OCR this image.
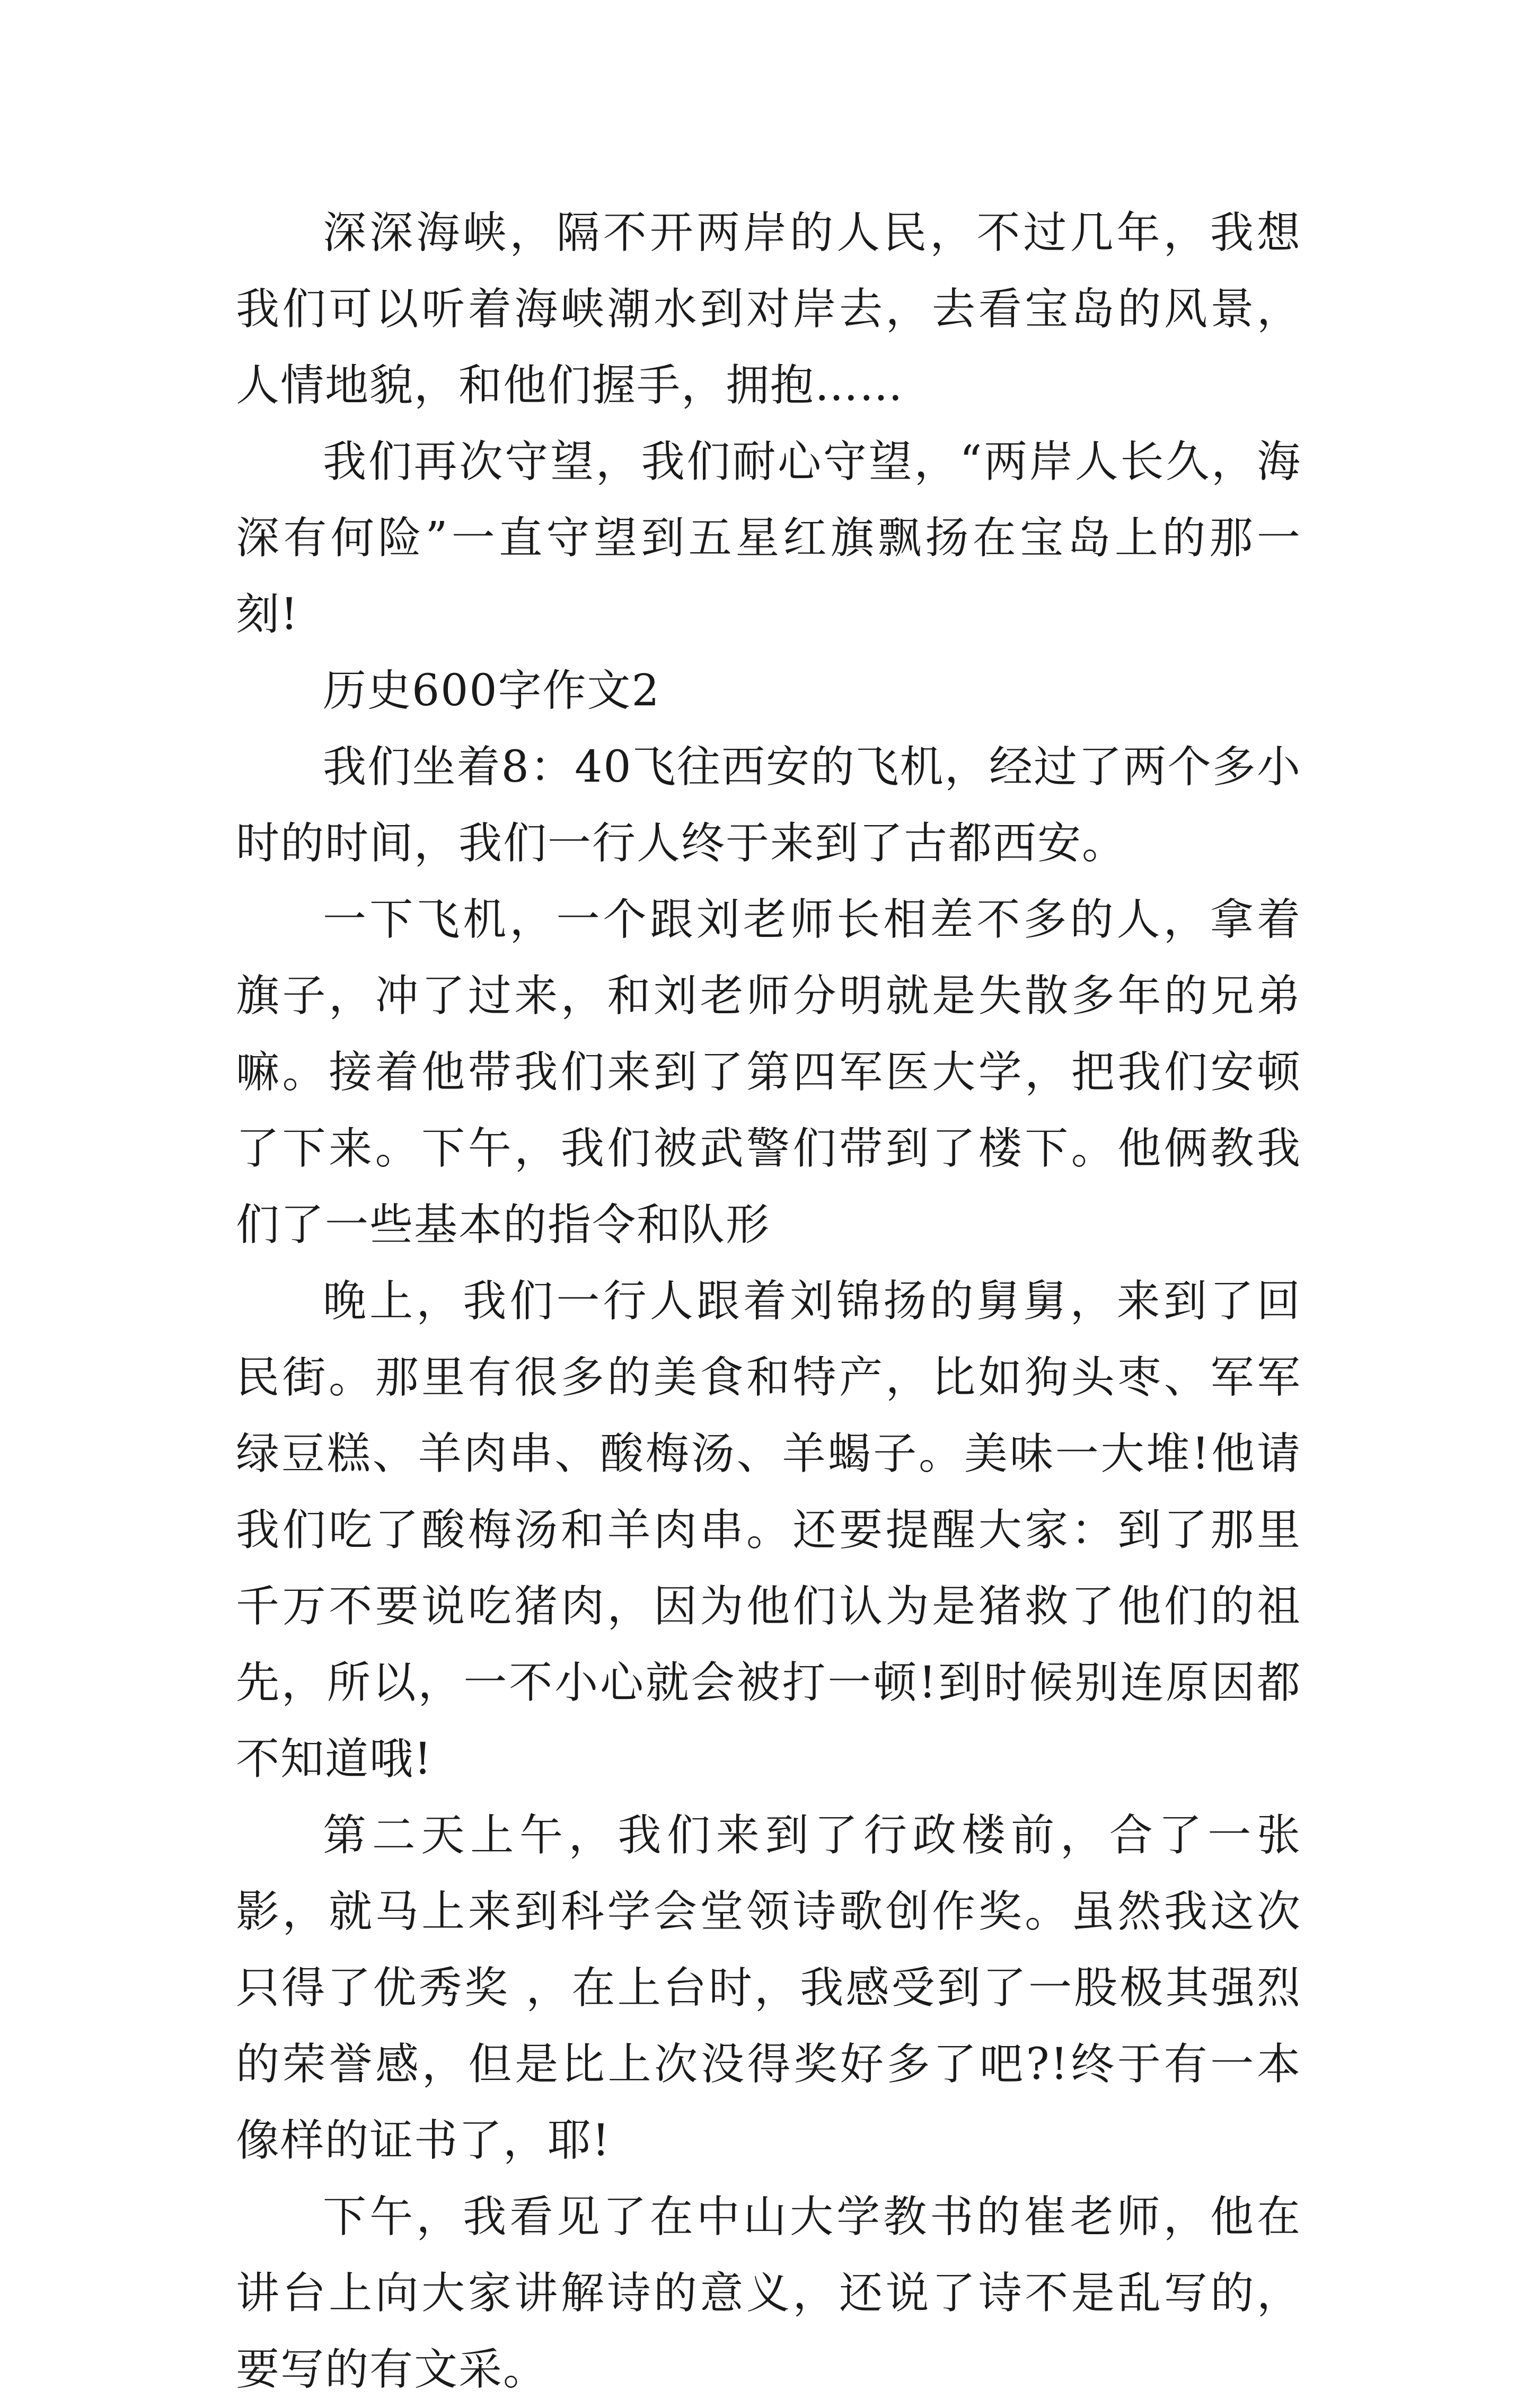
深深海峡，隔不开两岸的人民，不过几年，我想我们可以听着海峡潮水到对岸去，去看宝岛的风景，人情地貌，和他们握手，拥抱……

我们再次守望，我们耐心守望，“两岸人长久，海深有何险”一直守望到五星红旗飘扬在宝岛上的那一刻!

历史600字作文2

我们坐着8：40飞往西安的飞机，经过了两个多小时的时间，我们一行人终于来到了古都西安。

一下飞机，一个跟刘老师长相差不多的人，拿着旗子，冲了过来，和刘老师分明就是失散多年的兄弟嘛。接着他带我们来到了第四军医大学，把我们安顿了下来。下午，我们被武警们带到了楼下。他俩教我们了一些基本的指令和队形

晚上，我们一行人跟着刘锦扬的舅舅，来到了回民街。那里有很多的美食和特产，比如狗头枣、军军绿豆糕、羊肉串、酸梅汤、羊蝎子。美味一大堆!他请我们吃了酸梅汤和羊肉串。还要提醒大家：到了那里千万不要说吃猪肉，因为他们认为是猪救了他们的祖先，所以，一不小心就会被打一顿!到时候别连原因都不知道哦!

第二天上午，我们来到了行政楼前，合了一张影，就马上来到科学会堂领诗歌创作奖。虽然我这次只得了优秀奖 ，在上台时，我感受到了一股极其强烈的荣誉感，但是比上次没得奖好多了吧?!终于有一本像样的证书了，耶!

下午，我看见了在中山大学教书的崔老师，他在讲台上向大家讲解诗的意义，还说了诗不是乱写的，要写的有文采。
